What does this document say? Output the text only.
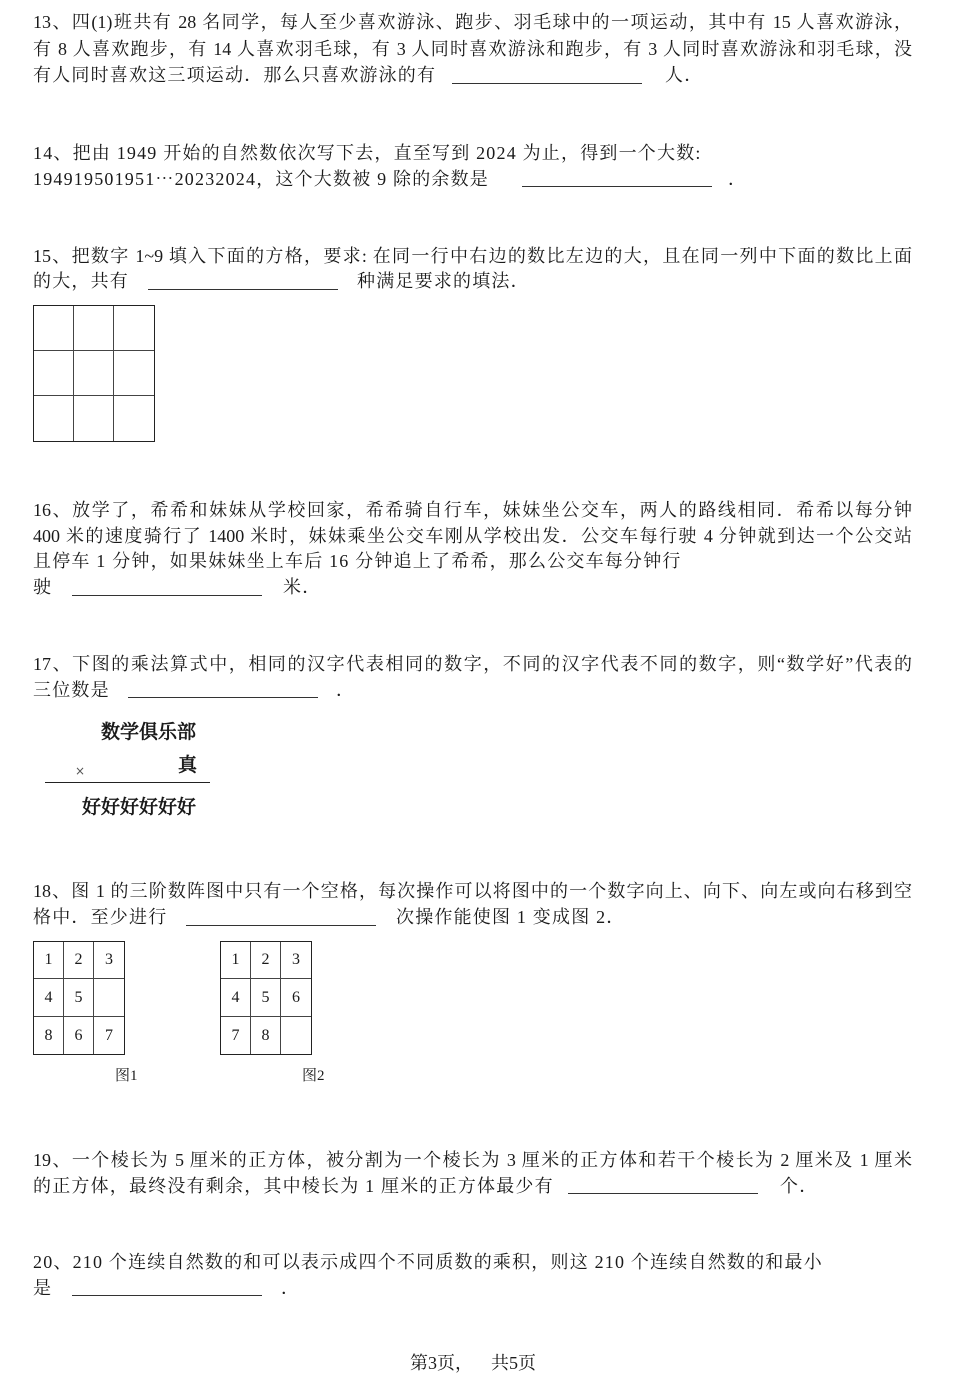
13、四(1)班共有 28 名同学，每人至少喜欢游泳、跑步、羽毛球中的一项运动，其中有 15 人喜欢游泳，
有 8 人喜欢跑步，有 14 人喜欢羽毛球，有 3 人同时喜欢游泳和跑步，有 3 人同时喜欢游泳和羽毛球，没
有人同时喜欢这三项运动．那么只喜欢游泳的有	人．
14、把由 1949 开始的自然数依次写下去，直至写到 2024 为止，得到一个大数:
194919501951⋯20232024，这个大数被 9 除的余数是	．
15、把数字 1~9 填入下面的方格，要求: 在同一行中右边的数比左边的大，且在同一列中下面的数比上面
的大，共有	种满足要求的填法．
16、放学了，希希和妹妹从学校回家，希希骑自行车，妹妹坐公交车，两人的路线相同．希希以每分钟
400 米的速度骑行了 1400 米时，妹妹乘坐公交车刚从学校出发．公交车每行驶 4 分钟就到达一个公交站
且停车 1 分钟，如果妹妹坐上车后 16 分钟追上了希希，那么公交车每分钟行
驶	米．
17、下图的乘法算式中，相同的汉字代表相同的数字，不同的汉字代表不同的数字，则“数学好”代表的
三位数是	．
数学俱乐部
×	真
好好好好好好
18、图 1 的三阶数阵图中只有一个空格，每次操作可以将图中的一个数字向上、向下、向左或向右移到空
格中．至少进行	次操作能使图 1 变成图 2．
1	2	3
4	5
8	6	7
图1
1	2	3
4	5	6
7	8
图2
19、一个棱长为 5 厘米的正方体，被分割为一个棱长为 3 厘米的正方体和若干个棱长为 2 厘米及 1 厘米
的正方体，最终没有剩余，其中棱长为 1 厘米的正方体最少有	个．
20、210 个连续自然数的和可以表示成四个不同质数的乘积，则这 210 个连续自然数的和最小
是	．
第3页， 共5页
